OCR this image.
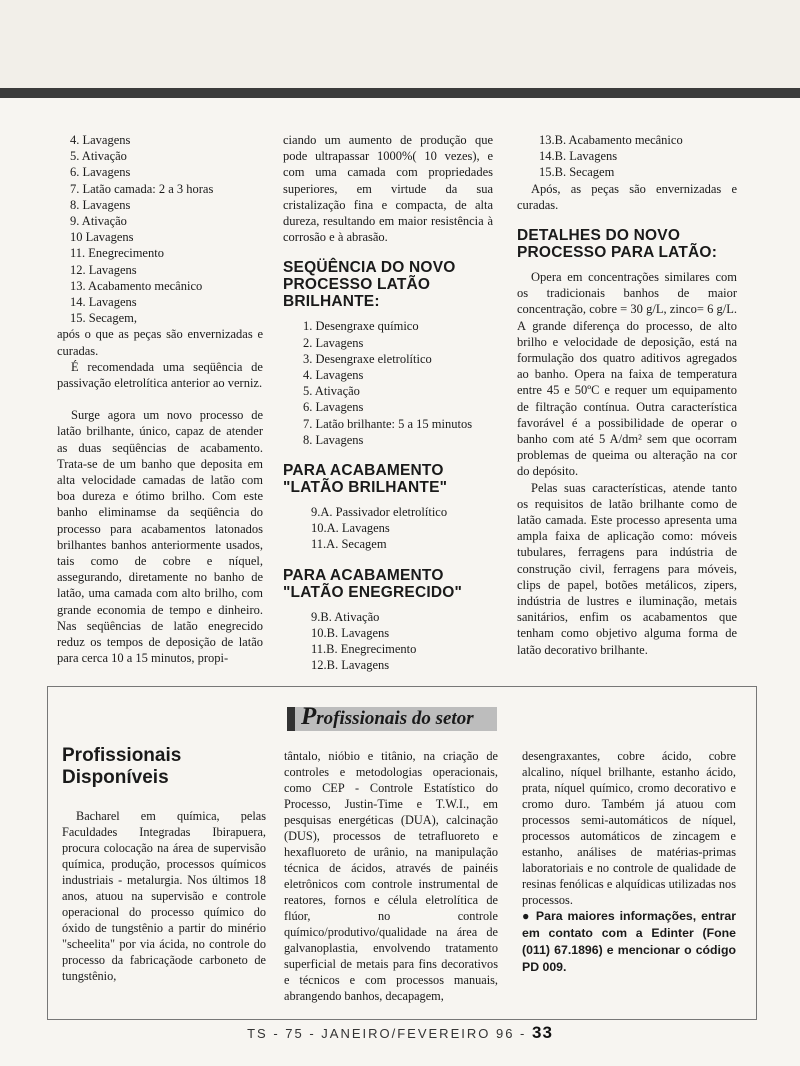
4. Lavagens
5. Ativação
6. Lavagens
7. Latão camada: 2 a 3 horas
8. Lavagens
9. Ativação
10 Lavagens
11. Enegrecimento
12. Lavagens
13. Acabamento mecânico
14. Lavagens
15. Secagem,

após o que as peças são envernizadas e curadas.

É recomendada uma seqüência de passivação eletrolítica anterior ao verniz.

Surge agora um novo processo de latão brilhante, único, capaz de atender as duas seqüências de acabamento. Trata-se de um banho que deposita em alta velocidade camadas de latão com boa dureza e ótimo brilho. Com este banho eliminamse da seqüência do processo para acabamentos latonados brilhantes banhos anteriormente usados, tais como de cobre e níquel, assegurando, diretamente no banho de latão, uma camada com alto brilho, com grande economia de tempo e dinheiro. Nas seqüências de latão enegrecido reduz os tempos de deposição de latão para cerca 10 a 15 minutos, propi-

ciando um aumento de produção que pode ultrapassar 1000%( 10 vezes), e com uma camada com propriedades superiores, em virtude da sua cristalização fina e compacta, de alta dureza, resultando em maior resistência à corrosão e à abrasão.

SEQÜÊNCIA DO NOVO PROCESSO LATÃO BRILHANTE:
1. Desengraxe químico
2. Lavagens
3. Desengraxe eletrolítico
4. Lavagens
5. Ativação
6. Lavagens
7. Latão brilhante: 5 a 15 minutos
8. Lavagens
PARA ACABAMENTO "LATÃO BRILHANTE"
9.A. Passivador eletrolítico
10.A. Lavagens
11.A. Secagem
PARA ACABAMENTO "LATÃO ENEGRECIDO"
9.B. Ativação
10.B. Lavagens
11.B. Enegrecimento
12.B. Lavagens
13.B. Acabamento mecânico
14.B. Lavagens
15.B. Secagem

Após, as peças são envernizadas e curadas.

DETALHES DO NOVO PROCESSO PARA LATÃO:

Opera em concentrações similares com os tradicionais banhos de maior concentração, cobre = 30 g/L, zinco= 6 g/L. A grande diferença do processo, de alto brilho e velocidade de deposição, está na formulação dos quatro aditivos agregados ao banho. Opera na faixa de temperatura entre 45 e 50ºC e requer um equipamento de filtração contínua. Outra característica favorável é a possibilidade de operar o banho com até 5 A/dm² sem que ocorram problemas de queima ou alteração na cor do depósito.

Pelas suas características, atende tanto os requisitos de latão brilhante como de latão camada. Este processo apresenta uma ampla faixa de aplicação como: móveis tubulares, ferragens para indústria de construção civil, ferragens para móveis, clips de papel, botões metálicos, zipers, indústria de lustres e iluminação, metais sanitários, enfim os acabamentos que tenham como objetivo alguma forma de latão decorativo brilhante.

Profissionais do setor
Profissionais Disponíveis

Bacharel em química, pelas Faculdades Integradas Ibirapuera, procura colocação na área de supervisão química, produção, processos químicos industriais - metalurgia. Nos últimos 18 anos, atuou na supervisão e controle operacional do processo químico do óxido de tungstênio a partir do minério "scheelita" por via ácida, no controle do processo da fabricaçãode carboneto de tungstênio,

tântalo, nióbio e titânio, na criação de controles e metodologias operacionais, como CEP - Controle Estatístico do Processo, Justin-Time e T.W.I., em pesquisas energéticas (DUA), calcinação (DUS), processos de tetrafluoreto e hexafluoreto de urânio, na manipulação técnica de ácidos, através de painéis eletrônicos com controle instrumental de reatores, fornos e célula eletrolítica de flúor, no controle químico/produtivo/qualidade na área de galvanoplastia, envolvendo tratamento superficial de metais para fins decorativos e técnicos e com processos manuais, abrangendo banhos, decapagem,

desengraxantes, cobre ácido, cobre alcalino, níquel brilhante, estanho ácido, prata, níquel químico, cromo decorativo e cromo duro. Também já atuou com processos semi-automáticos de níquel, processos automáticos de zincagem e estanho, análises de matérias-primas laboratoriais e no controle de qualidade de resinas fenólicas e alquídicas utilizadas nos processos.

● Para maiores informações, entrar em contato com a Edinter (Fone (011) 67.1896) e mencionar o código PD 009.

TS - 75 - JANEIRO/FEVEREIRO 96 - 33
